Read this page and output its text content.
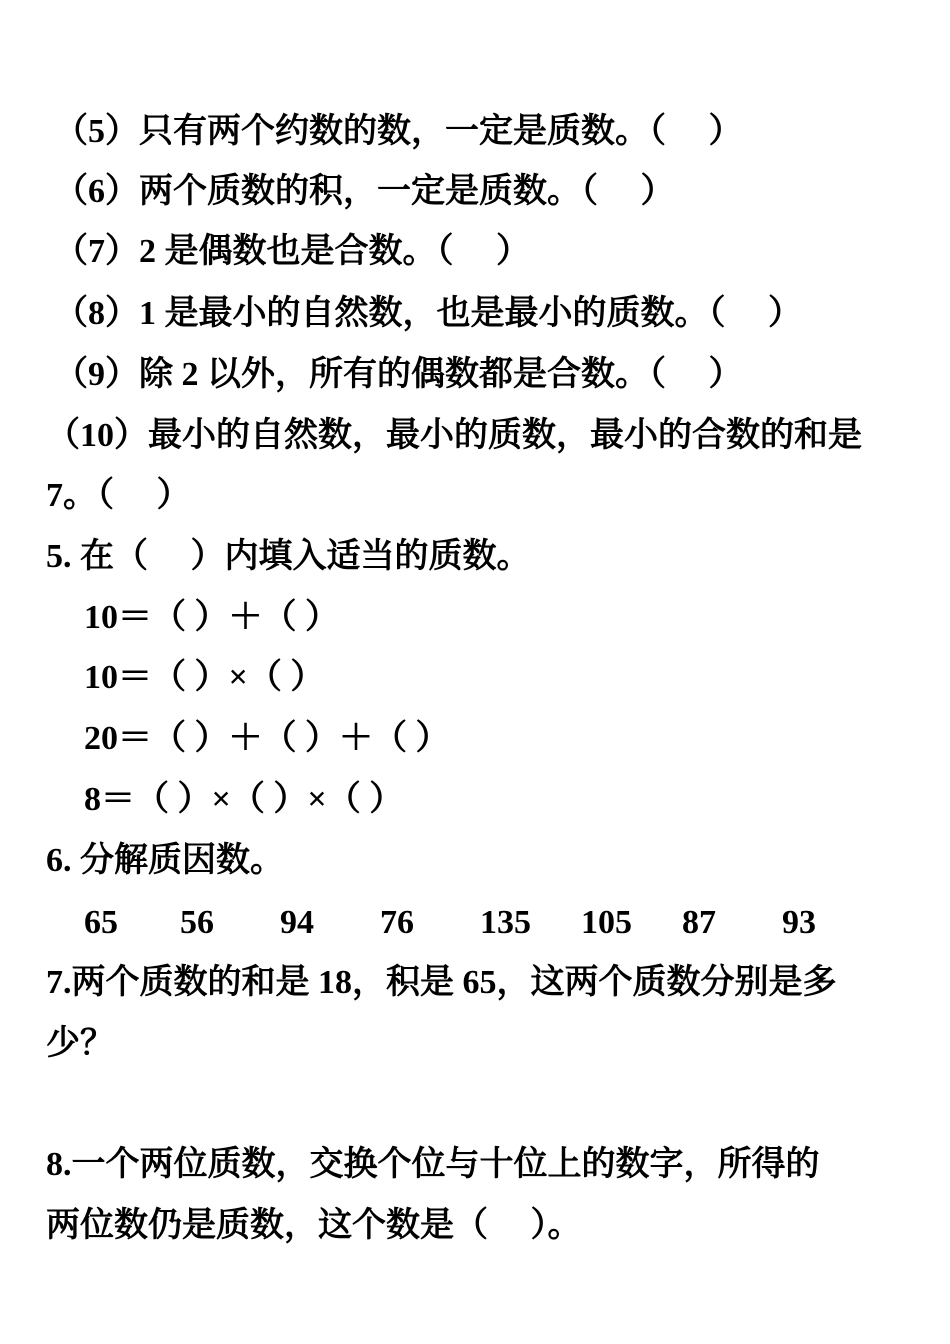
（5）只有两个约数的数，一定是质数。（　 ）
（6）两个质数的积，一定是质数。（　 ）
（7）2 是偶数也是合数。（　 ）
（8）1 是最小的自然数，也是最小的质数。（　 ）
（9）除 2 以外，所有的偶数都是合数。（　 ）
（10）最小的自然数，最小的质数，最小的合数的和是
7。（　 ）
5. 在（　 ）内填入适当的质数。
10＝（ ）＋（ ）
10＝（ ）×（ ）
20＝（ ）＋（ ）＋（ ）
8＝（ ）×（ ）×（ ）
6. 分解质因数。
65 56 94 76 135 105 87 93
7.两个质数的和是 18，积是 65，这两个质数分别是多
少？
8.一个两位质数，交换个位与十位上的数字，所得的
两位数仍是质数，这个数是（　 ）。
